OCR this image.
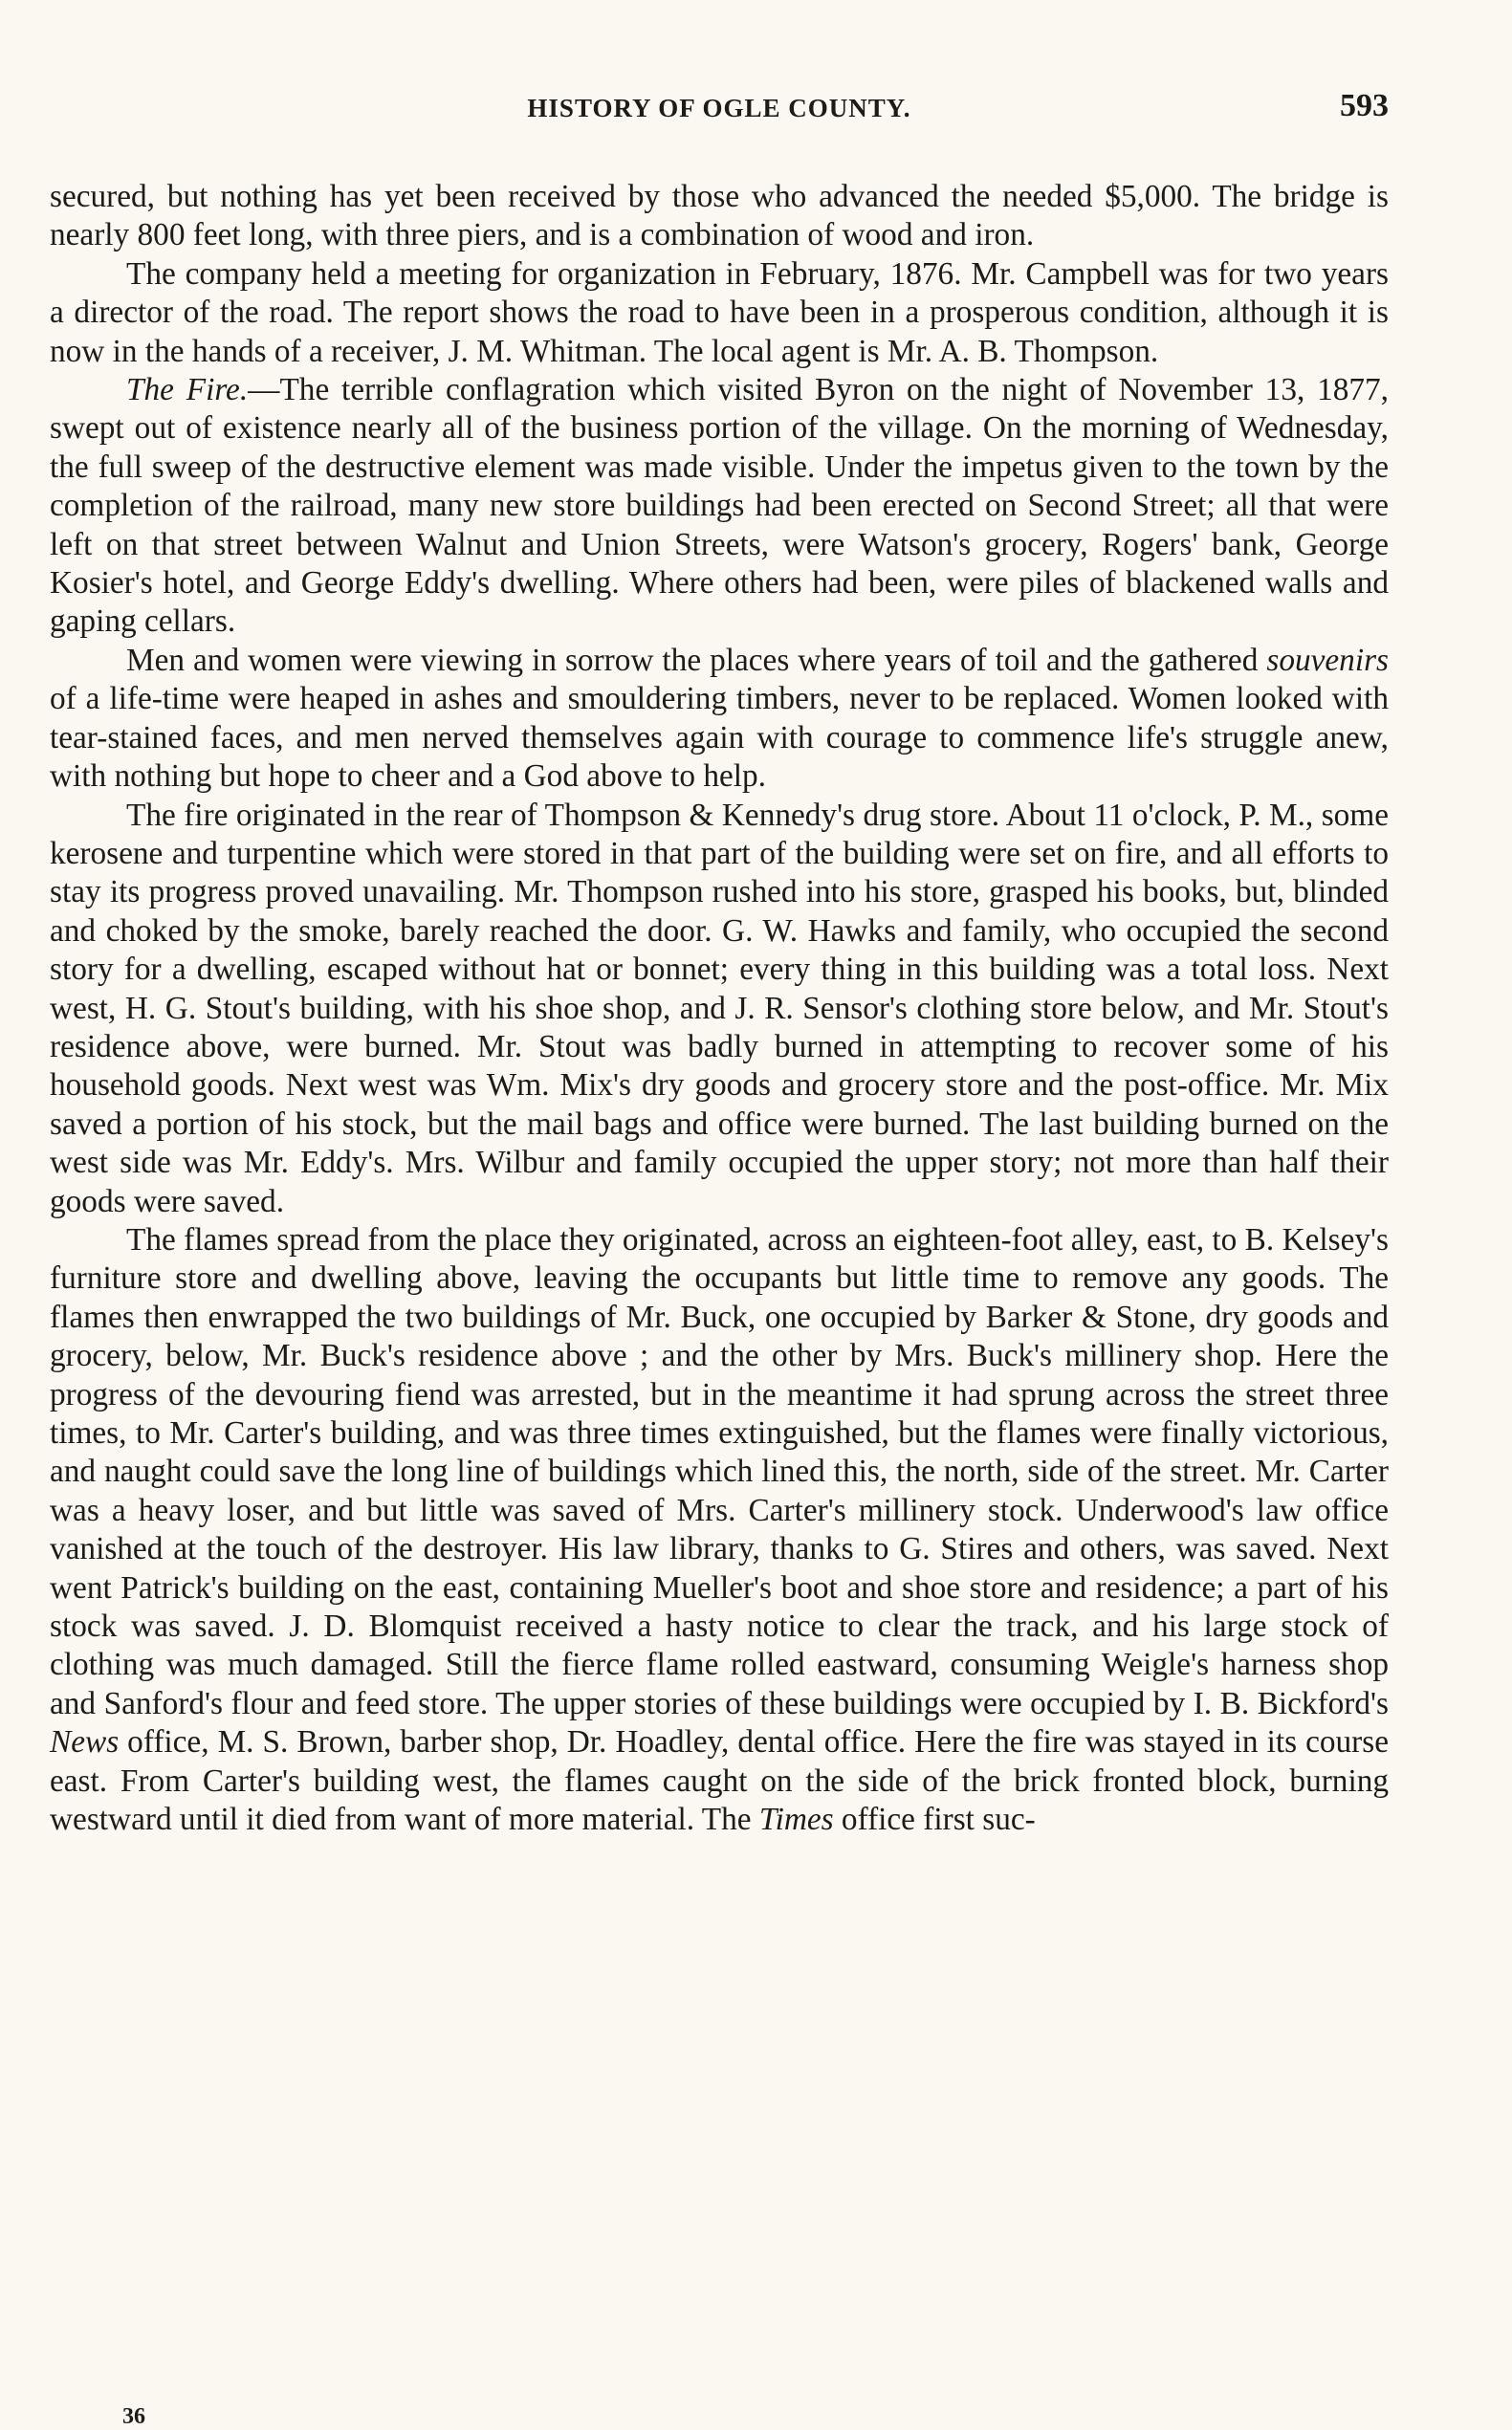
HISTORY OF OGLE COUNTY.	593

secured, but nothing has yet been received by those who advanced the needed $5,000. The bridge is nearly 800 feet long, with three piers, and is a combination of wood and iron.

The company held a meeting for organization in February, 1876. Mr. Campbell was for two years a director of the road. The report shows the road to have been in a prosperous condition, although it is now in the hands of a receiver, J. M. Whitman. The local agent is Mr. A. B. Thompson.

The Fire.—The terrible conflagration which visited Byron on the night of November 13, 1877, swept out of existence nearly all of the business portion of the village. On the morning of Wednesday, the full sweep of the destructive element was made visible. Under the impetus given to the town by the completion of the railroad, many new store buildings had been erected on Second Street; all that were left on that street between Walnut and Union Streets, were Watson's grocery, Rogers' bank, George Kosier's hotel, and George Eddy's dwelling. Where others had been, were piles of blackened walls and gaping cellars.

Men and women were viewing in sorrow the places where years of toil and the gathered souvenirs of a life-time were heaped in ashes and smouldering timbers, never to be replaced. Women looked with tear-stained faces, and men nerved themselves again with courage to commence life's struggle anew, with nothing but hope to cheer and a God above to help.

The fire originated in the rear of Thompson & Kennedy's drug store. About 11 o'clock, P. M., some kerosene and turpentine which were stored in that part of the building were set on fire, and all efforts to stay its progress proved unavailing. Mr. Thompson rushed into his store, grasped his books, but, blinded and choked by the smoke, barely reached the door. G. W. Hawks and family, who occupied the second story for a dwelling, escaped without hat or bonnet; every thing in this building was a total loss. Next west, H. G. Stout's building, with his shoe shop, and J. R. Sensor's clothing store below, and Mr. Stout's residence above, were burned. Mr. Stout was badly burned in attempting to recover some of his household goods. Next west was Wm. Mix's dry goods and grocery store and the post-office. Mr. Mix saved a portion of his stock, but the mail bags and office were burned. The last building burned on the west side was Mr. Eddy's. Mrs. Wilbur and family occupied the upper story; not more than half their goods were saved.

The flames spread from the place they originated, across an eighteen-foot alley, east, to B. Kelsey's furniture store and dwelling above, leaving the occupants but little time to remove any goods. The flames then enwrapped the two buildings of Mr. Buck, one occupied by Barker & Stone, dry goods and grocery, below, Mr. Buck's residence above ; and the other by Mrs. Buck's millinery shop. Here the progress of the devouring fiend was arrested, but in the meantime it had sprung across the street three times, to Mr. Carter's building, and was three times extinguished, but the flames were finally victorious, and naught could save the long line of buildings which lined this, the north, side of the street. Mr. Carter was a heavy loser, and but little was saved of Mrs. Carter's millinery stock. Underwood's law office vanished at the touch of the destroyer. His law library, thanks to G. Stires and others, was saved. Next went Patrick's building on the east, containing Mueller's boot and shoe store and residence; a part of his stock was saved. J. D. Blomquist received a hasty notice to clear the track, and his large stock of clothing was much damaged. Still the fierce flame rolled eastward, consuming Weigle's harness shop and Sanford's flour and feed store. The upper stories of these buildings were occupied by I. B. Bickford's News office, M. S. Brown, barber shop, Dr. Hoadley, dental office. Here the fire was stayed in its course east. From Carter's building west, the flames caught on the side of the brick fronted block, burning westward until it died from want of more material. The Times office first suc-

36
